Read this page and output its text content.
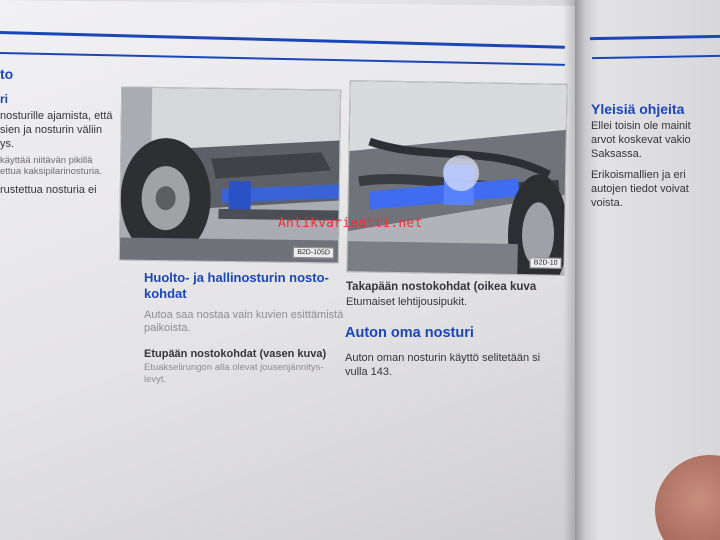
to
ri
nosturille ajamista, että
sien ja nosturin väliin
ys.
käyttää niitävän pikillä
ettua kaksipilarinosturia.
rustettua nosturia ei
B2D-105D
B2D-10
Antikvariaatti.net
Huolto- ja hallinosturin nosto-
kohdat
Autoa saa nostaa vain kuvien esittämistä
paikoista.
Etupään nostokohdat (vasen kuva)
Etuakselirungon alla olevat jousenjännitys-
levyt.
Takapään nostokohdat (oikea kuva
Etumaiset lehtijousipukit.
Auton oma nosturi
Auton oman nosturin käyttö selitetään si
vulla 143.
Yleisiä ohjeita
Ellei toisin ole mainit
arvot koskevat vakio
Saksassa.
Erikoismallien ja eri
autojen tiedot voivat
voista.
